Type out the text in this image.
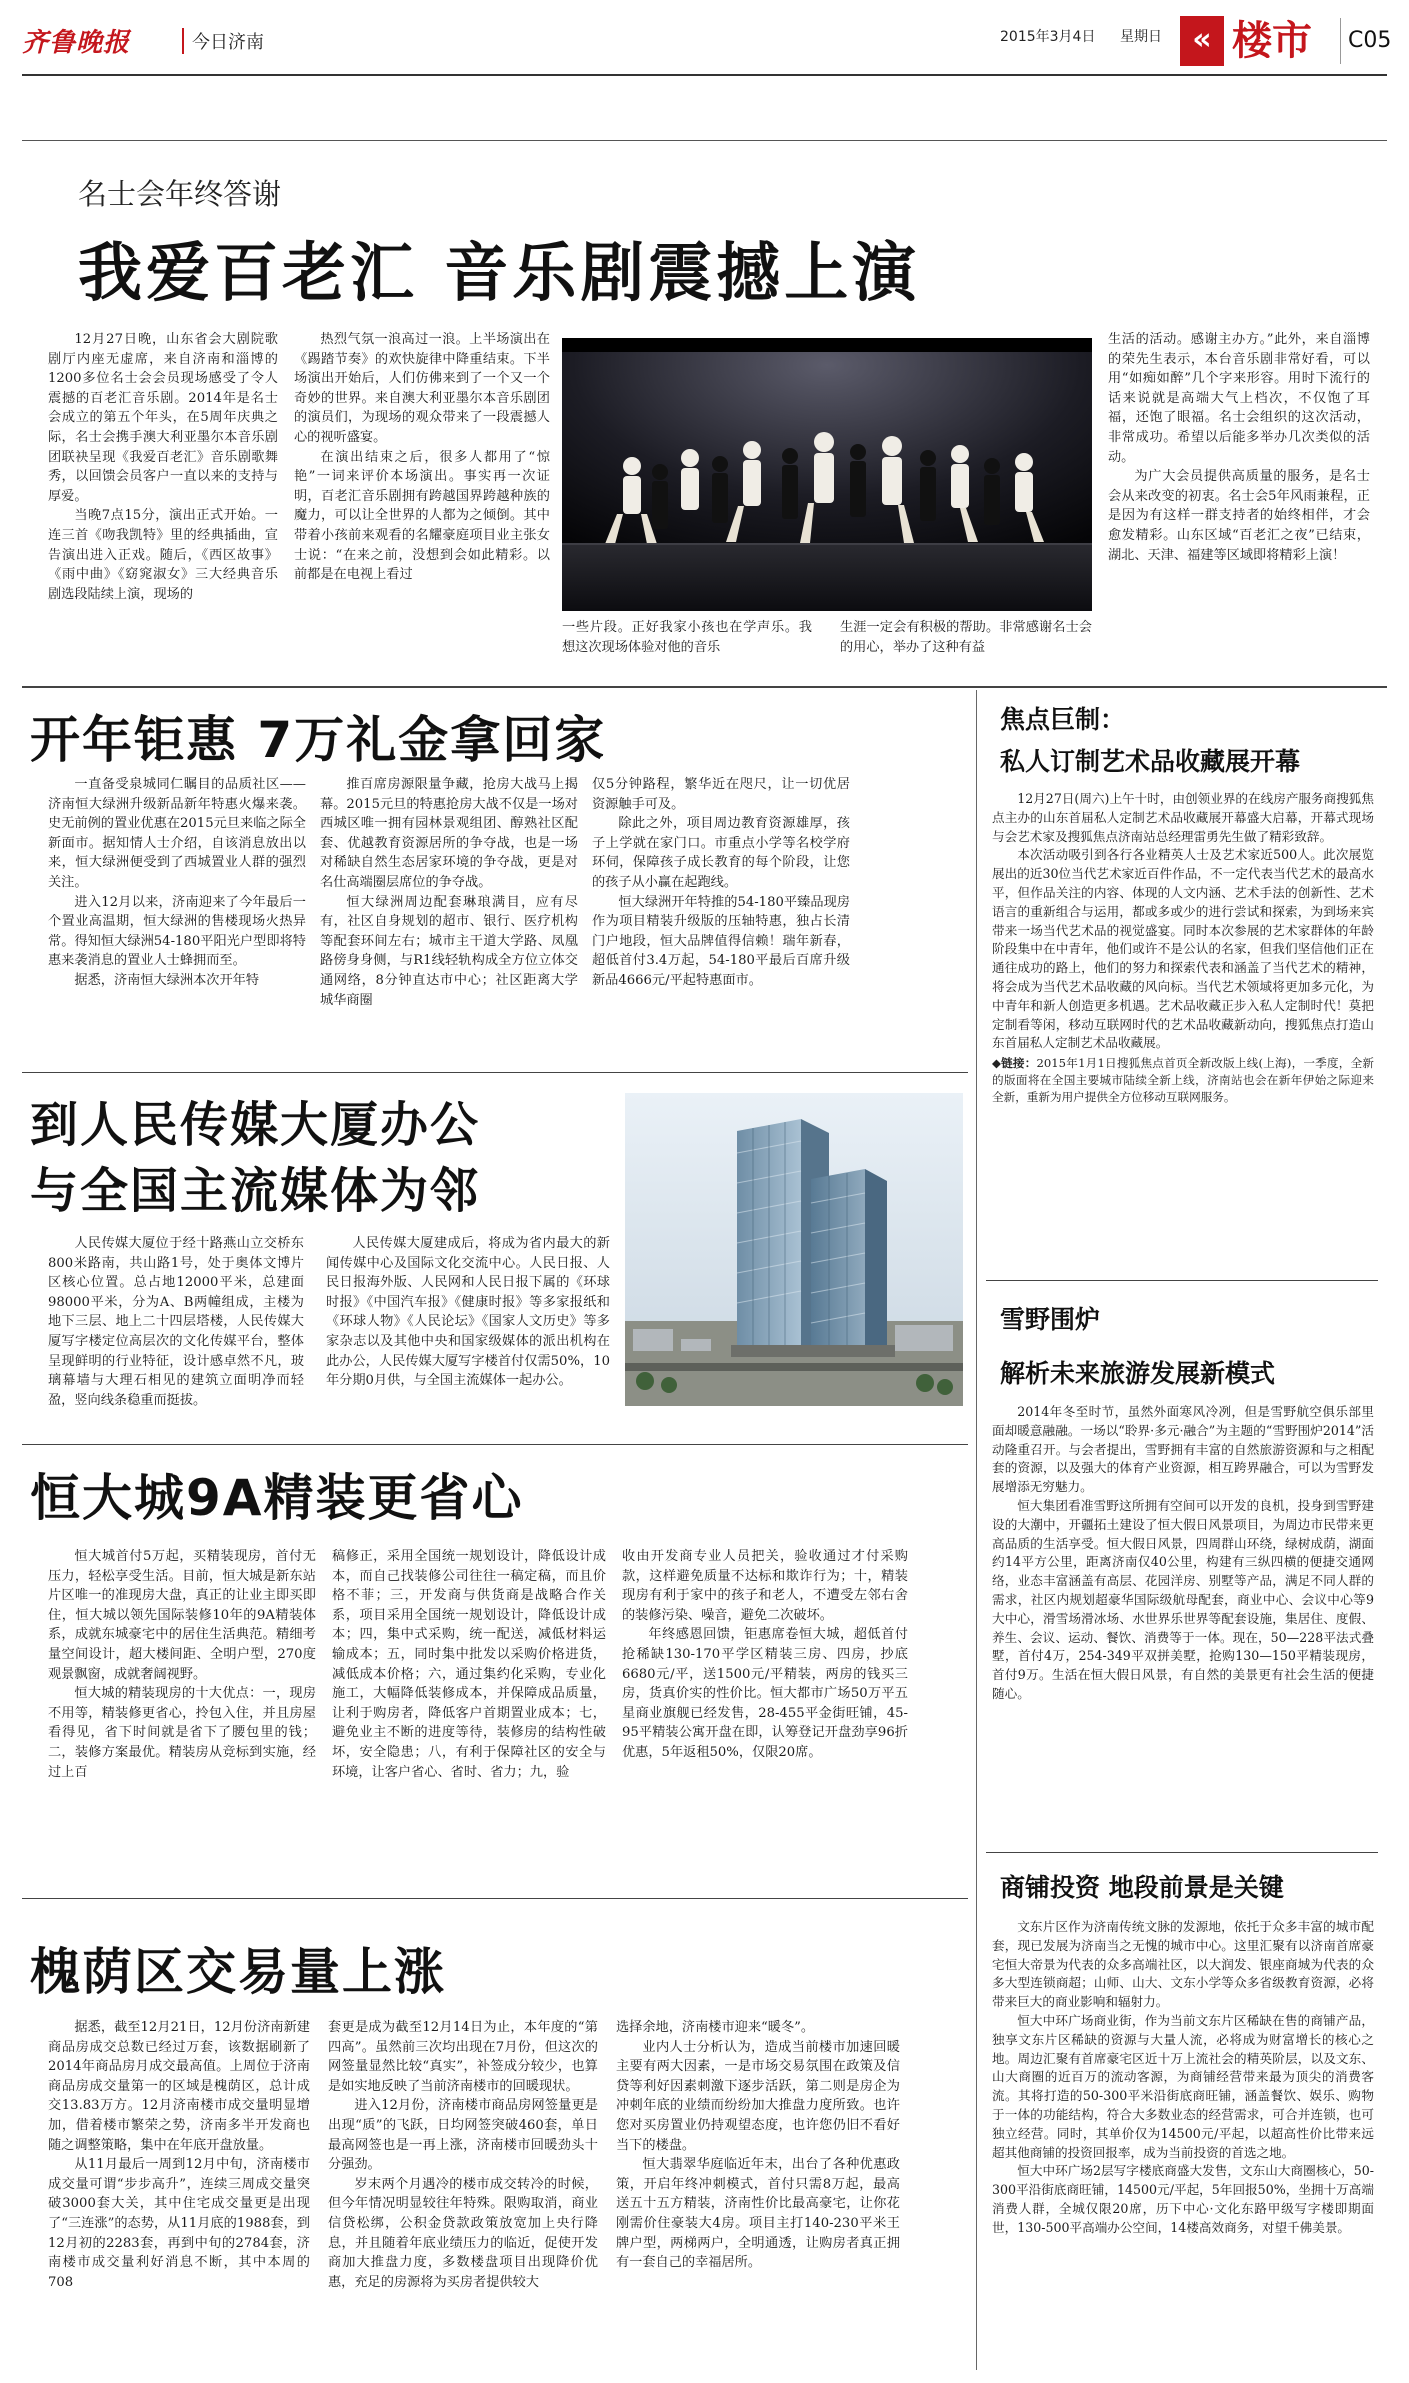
齐鲁晚报	今日济南	2015年3月4日 星期日	« 楼市 C05
名士会年终答谢
我爱百老汇 音乐剧震撼上演

12月27日晚，山东省会大剧院歌剧厅内座无虚席，来自济南和淄博的1200多位名士会会员现场感受了令人震撼的百老汇音乐剧。2014年是名士会成立的第五个年头，在5周年庆典之际，名士会携手澳大利亚墨尔本音乐剧团联袂呈现《我爱百老汇》音乐剧歌舞秀，以回馈会员客户一直以来的支持与厚爱。

当晚7点15分，演出正式开始。一连三首《吻我凯特》里的经典插曲，宣告演出进入正戏。随后，《西区故事》《雨中曲》《窈窕淑女》三大经典音乐剧选段陆续上演，现场的

热烈气氛一浪高过一浪。上半场演出在《踢踏节奏》的欢快旋律中降重结束。下半场演出开始后，人们仿佛来到了一个又一个奇妙的世界。来自澳大利亚墨尔本音乐剧团的演员们，为现场的观众带来了一段震撼人心的视听盛宴。

在演出结束之后，很多人都用了“惊艳”一词来评价本场演出。事实再一次证明，百老汇音乐剧拥有跨越国界跨越种族的魔力，可以让全世界的人都为之倾倒。其中带着小孩前来观看的名耀豪庭项目业主张女士说：“在来之前，没想到会如此精彩。以前都是在电视上看过

一些片段。正好我家小孩也在学声乐。我想这次现场体验对他的音乐

生涯一定会有积极的帮助。非常感谢名士会的用心，举办了这种有益

生活的活动。感谢主办方。”此外，来自淄博的荣先生表示，本台音乐剧非常好看，可以用“如痴如醉”几个字来形容。用时下流行的话来说就是高端大气上档次，不仅饱了耳福，还饱了眼福。名士会组织的这次活动，非常成功。希望以后能多举办几次类似的活动。

为广大会员提供高质量的服务，是名士会从来改变的初衷。名士会5年风雨兼程，正是因为有这样一群支持者的始终相伴，才会愈发精彩。山东区域“百老汇之夜”已结束，湖北、天津、福建等区域即将精彩上演！

开年钜惠 7万礼金拿回家

一直备受泉城同仁瞩目的品质社区——济南恒大绿洲升级新品新年特惠火爆来袭。史无前例的置业优惠在2015元旦来临之际全新面市。据知情人士介绍，自该消息放出以来，恒大绿洲便受到了西城置业人群的强烈关注。

进入12月以来，济南迎来了今年最后一个置业高温期，恒大绿洲的售楼现场火热异常。得知恒大绿洲54-180平阳光户型即将特惠来袭消息的置业人士蜂拥而至。

据悉，济南恒大绿洲本次开年特

推百席房源限量争藏，抢房大战马上揭幕。2015元旦的特惠抢房大战不仅是一场对西城区唯一拥有园林景观组团、醇熟社区配套、优越教育资源居所的争夺战，也是一场对稀缺自然生态居家环境的争夺战，更是对名仕高端圈层席位的争夺战。

恒大绿洲周边配套琳琅满目，应有尽有，社区自身规划的超市、银行、医疗机构等配套环间左右；城市主干道大学路、凤凰路傍身身侧，与R1线轻轨构成全方位立体交通网络，8分钟直达市中心；社区距离大学城华商圈

仅5分钟路程，繁华近在咫尺，让一切优居资源触手可及。

除此之外，项目周边教育资源雄厚，孩子上学就在家门口。市重点小学等名校学府环伺，保障孩子成长教育的每个阶段，让您的孩子从小赢在起跑线。

恒大绿洲开年特推的54-180平臻品现房作为项目精装升级版的压轴特惠，独占长清门户地段，恒大品牌值得信赖！瑞年新春，超低首付3.4万起，54-180平最后百席升级新品4666元/平起特惠面市。

到人民传媒大厦办公
与全国主流媒体为邻

人民传媒大厦位于经十路燕山立交桥东800米路南，共山路1号，处于奥体文博片区核心位置。总占地12000平米，总建面98000平米，分为A、B两幢组成，主楼为地下三层、地上二十四层塔楼，人民传媒大厦写字楼定位高层次的文化传媒平台，整体呈现鲜明的行业特征，设计感卓然不凡，玻璃幕墙与大理石相见的建筑立面明净而轻盈，竖向线条稳重而挺拔。

人民传媒大厦建成后，将成为省内最大的新闻传媒中心及国际文化交流中心。人民日报、人民日报海外版、人民网和人民日报下属的《环球时报》《中国汽车报》《健康时报》等多家报纸和《环球人物》《人民论坛》《国家人文历史》等多家杂志以及其他中央和国家级媒体的派出机构在此办公，人民传媒大厦写字楼首付仅需50%，10年分期0月供，与全国主流媒体一起办公。

恒大城9A精装更省心

恒大城首付5万起，买精装现房，首付无压力，轻松享受生活。目前，恒大城是新东站片区唯一的准现房大盘，真正的让业主即买即住，恒大城以领先国际装修10年的9A精装体系，成就东城豪宅中的居住生活典范。精细考量空间设计，超大楼间距、全明户型，270度观景飘窗，成就奢阔视野。

恒大城的精装现房的十大优点：一，现房不用等，精装修更省心，拎包入住，并且房屋看得见，省下时间就是省下了腰包里的钱；二，装修方案最优。精装房从竞标到实施，经过上百

稿修正，采用全国统一规划设计，降低设计成本，而自己找装修公司往往一稿定稿，而且价格不菲；三，开发商与供货商是战略合作关系，项目采用全国统一规划设计，降低设计成本；四，集中式采购，统一配送，减低材料运输成本；五，同时集中批发以采购价格进货，减低成本价格；六，通过集约化采购，专业化施工，大幅降低装修成本，并保障成品质量，让利于购房者，降低客户首期置业成本；七，避免业主不断的进度等待，装修房的结构性破坏，安全隐患；八，有利于保障社区的安全与环境，让客户省心、省时、省力；九，验

收由开发商专业人员把关，验收通过才付采购款，这样避免质量不达标和欺诈行为；十，精装现房有利于家中的孩子和老人，不遭受左邻右舍的装修污染、噪音，避免二次破坏。

年终感恩回馈，钜惠席卷恒大城，超低首付抢稀缺130-170平学区精装三房、四房，抄底6680元/平，送1500元/平精装，两房的钱买三房，货真价实的性价比。恒大都市广场50万平五星商业旗舰已经发售，28-455平金街旺铺，45-95平精装公寓开盘在即，认筹登记开盘劲享96折优惠，5年返租50%，仅限20席。

槐荫区交易量上涨

据悉，截至12月21日，12月份济南新建商品房成交总数已经过万套，该数据刷新了2014年商品房月成交最高值。上周位于济南商品房成交量第一的区域是槐荫区，总计成交13.83万方。12月济南楼市成交量明显增加，借着楼市繁荣之势，济南多半开发商也随之调整策略，集中在年底开盘放量。

从11月最后一周到12月中旬，济南楼市成交量可谓“步步高升”，连续三周成交量突破3000套大关，其中住宅成交量更是出现了“三连涨”的态势，从11月底的1988套，到12月初的2283套，再到中旬的2784套，济南楼市成交量利好消息不断，其中本周的708

套更是成为截至12月14日为止，本年度的“第四高”。虽然前三次均出现在7月份，但这次的网签量显然比较“真实”，补签成分较少，也算是如实地反映了当前济南楼市的回暖现状。

进入12月份，济南楼市商品房网签量更是出现“质”的飞跃，日均网签突破460套，单日最高网签也是一再上涨，济南楼市回暖劲头十分强劲。

岁末两个月遇冷的楼市成交转冷的时候，但今年情况明显较往年特殊。限购取消，商业信贷松绑，公积金贷款政策放宽加上央行降息，并且随着年底业绩压力的临近，促使开发商加大推盘力度，多数楼盘项目出现降价优惠，充足的房源将为买房者提供较大

选择余地，济南楼市迎来“暖冬”。

业内人士分析认为，造成当前楼市加速回暖主要有两大因素，一是市场交易氛围在政策及信贷等利好因素刺激下逐步活跃，第二则是房企为冲刺年底的业绩而纷纷加大推盘力度所致。也许您对买房置业仍持观望态度，也许您仍旧不看好当下的楼盘。

恒大翡翠华庭临近年末，出台了各种优惠政策，开启年终冲刺模式，首付只需8万起，最高送五十五方精装，济南性价比最高豪宅，让你花刚需价住豪装大4房。项目主打140-230平米王牌户型，两梯两户，全明通透，让购房者真正拥有一套自己的幸福居所。

焦点巨制：
私人订制艺术品收藏展开幕

12月27日(周六)上午十时，由创领业界的在线房产服务商搜狐焦点主办的山东首届私人定制艺术品收藏展开幕盛大启幕，开幕式现场与会艺术家及搜狐焦点济南站总经理雷勇先生做了精彩致辞。

本次活动吸引到各行各业精英人士及艺术家近500人。此次展览展出的近30位当代艺术家近百件作品，不一定代表当代艺术的最高水平，但作品关注的内容、体现的人文内涵、艺术手法的创新性、艺术语言的重新组合与运用，都或多或少的进行尝试和探索，为到场来宾带来一场当代艺术品的视觉盛宴。同时本次参展的艺术家群体的年龄阶段集中在中青年，他们或许不是公认的名家，但我们坚信他们正在通往成功的路上，他们的努力和探索代表和涵盖了当代艺术的精神，将会成为当代艺术品收藏的风向标。当代艺术领域将更加多元化，为中青年和新人创造更多机遇。艺术品收藏正步入私人定制时代！莫把定制看等闲，移动互联网时代的艺术品收藏新动向，搜狐焦点打造山东首届私人定制艺术品收藏展。

◆链接：2015年1月1日搜狐焦点首页全新改版上线(上海)，一季度，全新的版面将在全国主要城市陆续全新上线，济南站也会在新年伊始之际迎来全新，重新为用户提供全方位移动互联网服务。
雪野围炉
解析未来旅游发展新模式

2014年冬至时节，虽然外面寒风冷冽，但是雪野航空俱乐部里面却暖意融融。一场以“聆界·多元·融合”为主题的“雪野围炉2014”活动隆重召开。与会者提出，雪野拥有丰富的自然旅游资源和与之相配套的资源，以及强大的体育产业资源，相互跨界融合，可以为雪野发展增添无穷魅力。

恒大集团看准雪野这所拥有空间可以开发的良机，投身到雪野建设的大潮中，开疆拓土建设了恒大假日风景项目，为周边市民带来更高品质的生活享受。恒大假日风景，四周群山环绕，绿树成荫，湖面约14平方公里，距离济南仅40公里，构建有三纵四横的便捷交通网络，业态丰富涵盖有高层、花园洋房、别墅等产品，满足不同人群的需求，社区内规划超豪华国际级航母配套，商业中心、会议中心等9大中心，滑雪场滑冰场、水世界乐世界等配套设施，集居住、度假、养生、会议、运动、餐饮、消费等于一体。现在，50—228平法式叠墅，首付4万，254-349平双拼美墅，抢购130—150平精装现房，首付9万。生活在恒大假日风景，有自然的美景更有社会生活的便捷随心。

商铺投资 地段前景是关键

文东片区作为济南传统文脉的发源地，依托于众多丰富的城市配套，现已发展为济南当之无愧的城市中心。这里汇聚有以济南首席豪宅恒大帝景为代表的众多高端社区，以大润发、银座商城为代表的众多大型连锁商超；山师、山大、文东小学等众多省级教育资源，必将带来巨大的商业影响和辐射力。

恒大中环广场商业街，作为当前文东片区稀缺在售的商铺产品，独享文东片区稀缺的资源与大量人流，必将成为财富增长的核心之地。周边汇聚有首席豪宅区近十万上流社会的精英阶层，以及文东、山大商圈的近百万的流动客源，为商铺经营带来最为顶尖的消费客流。其将打造的50-300平米沿街底商旺铺，涵盖餐饮、娱乐、购物于一体的功能结构，符合大多数业态的经营需求，可合并连锁，也可独立经营。同时，其单价仅为14500元/平起，以超高性价比带来远超其他商铺的投资回报率，成为当前投资的首选之地。

恒大中环广场2层写字楼底商盛大发售，文东山大商圈核心，50-300平沿街底商旺铺，14500元/平起，5年回报50%，坐拥十万高端消费人群，全城仅限20席，历下中心·文化东路甲级写字楼即期面世，130-500平高端办公空间，14楼高效商务，对望千佛美景。
